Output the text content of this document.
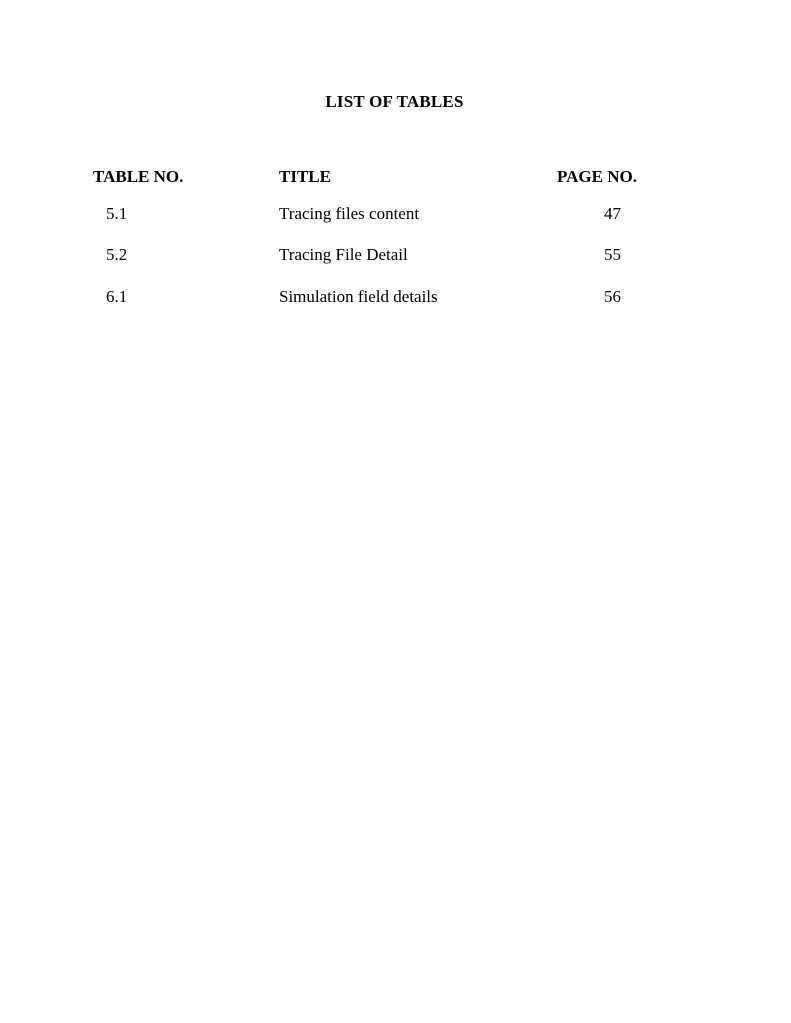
LIST OF TABLES
TABLE NO.	TITLE	PAGE NO.
5.1	Tracing files content	47
5.2	Tracing File Detail	55
6.1	Simulation field details	56
